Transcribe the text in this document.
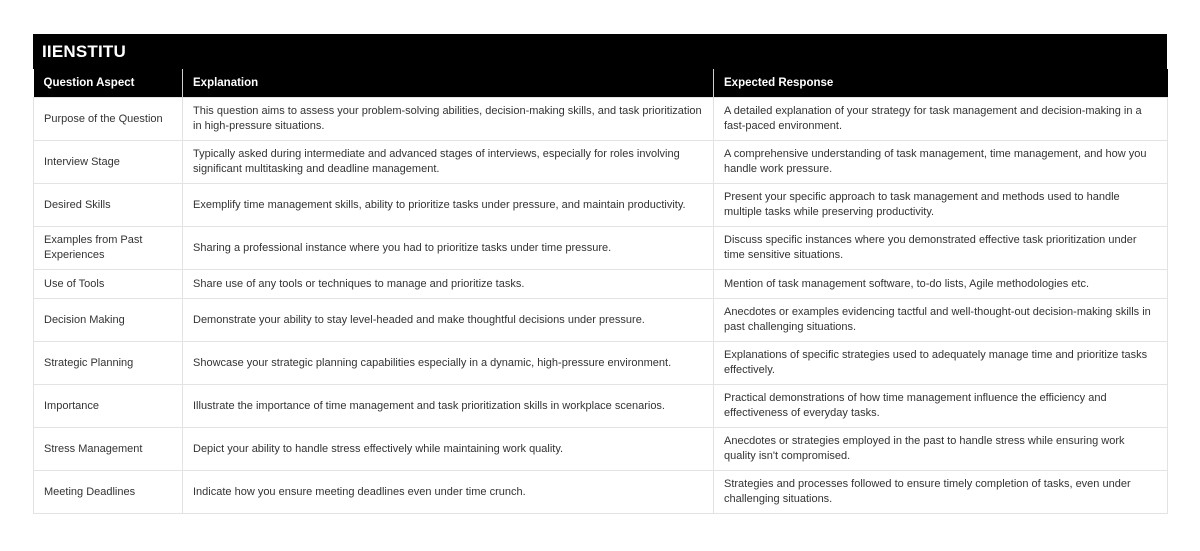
IIENSTITU
Question Aspect	Explanation	Expected Response
Purpose of the Question	This question aims to assess your problem-solving abilities, decision-making skills, and task prioritization in high-pressure situations.	A detailed explanation of your strategy for task management and decision-making in a fast-paced environment.
Interview Stage	Typically asked during intermediate and advanced stages of interviews, especially for roles involving significant multitasking and deadline management.	A comprehensive understanding of task management, time management, and how you handle work pressure.
Desired Skills	Exemplify time management skills, ability to prioritize tasks under pressure, and maintain productivity.	Present your specific approach to task management and methods used to handle multiple tasks while preserving productivity.
Examples from Past Experiences	Sharing a professional instance where you had to prioritize tasks under time pressure.	Discuss specific instances where you demonstrated effective task prioritization under time sensitive situations.
Use of Tools	Share use of any tools or techniques to manage and prioritize tasks.	Mention of task management software, to-do lists, Agile methodologies etc.
Decision Making	Demonstrate your ability to stay level-headed and make thoughtful decisions under pressure.	Anecdotes or examples evidencing tactful and well-thought-out decision-making skills in past challenging situations.
Strategic Planning	Showcase your strategic planning capabilities especially in a dynamic, high-pressure environment.	Explanations of specific strategies used to adequately manage time and prioritize tasks effectively.
Importance	Illustrate the importance of time management and task prioritization skills in workplace scenarios.	Practical demonstrations of how time management influence the efficiency and effectiveness of everyday tasks.
Stress Management	Depict your ability to handle stress effectively while maintaining work quality.	Anecdotes or strategies employed in the past to handle stress while ensuring work quality isn't compromised.
Meeting Deadlines	Indicate how you ensure meeting deadlines even under time crunch.	Strategies and processes followed to ensure timely completion of tasks, even under challenging situations.
